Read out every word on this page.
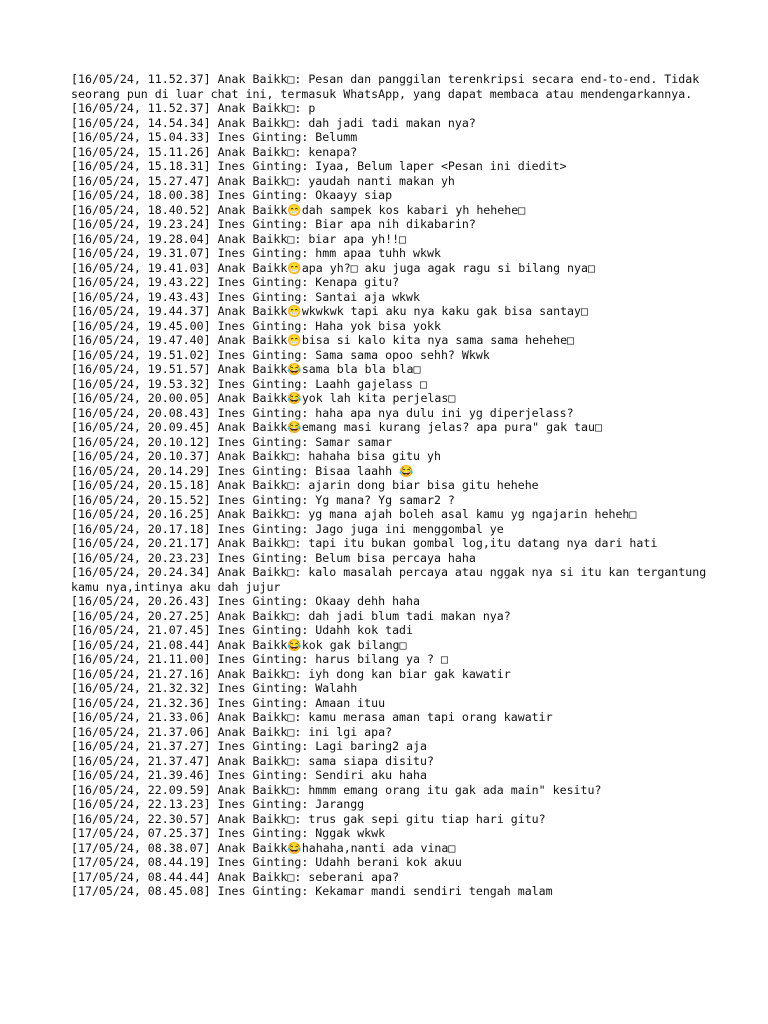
[16/05/24, 11.52.37] Anak Baikk□: Pesan dan panggilan terenkripsi secara end-to-end. Tidak seorang pun di luar chat ini, termasuk WhatsApp, yang dapat membaca atau mendengarkannya.
[16/05/24, 11.52.37] Anak Baikk□: p
[16/05/24, 14.54.34] Anak Baikk□: dah jadi tadi makan nya?
[16/05/24, 15.04.33] Ines Ginting: Belumm
[16/05/24, 15.11.26] Anak Baikk□: kenapa?
[16/05/24, 15.18.31] Ines Ginting: Iyaa, Belum laper <Pesan ini diedit>
[16/05/24, 15.27.47] Anak Baikk□: yaudah nanti makan yh
[16/05/24, 18.00.38] Ines Ginting: Okaayy siap
[16/05/24, 18.40.52] Anak Baikk😁dah sampek kos kabari yh hehehe□
[16/05/24, 19.23.24] Ines Ginting: Biar apa nih dikabarin?
[16/05/24, 19.28.04] Anak Baikk□: biar apa yh!!□
[16/05/24, 19.31.07] Ines Ginting: hmm apaa tuhh wkwk
[16/05/24, 19.41.03] Anak Baikk😁apa yh?□ aku juga agak ragu si bilang nya□
[16/05/24, 19.43.22] Ines Ginting: Kenapa gitu?
[16/05/24, 19.43.43] Ines Ginting: Santai aja wkwk
[16/05/24, 19.44.37] Anak Baikk😁wkwkwk tapi aku nya kaku gak bisa santay□
[16/05/24, 19.45.00] Ines Ginting: Haha yok bisa yokk
[16/05/24, 19.47.40] Anak Baikk😁bisa si kalo kita nya sama sama hehehe□
[16/05/24, 19.51.02] Ines Ginting: Sama sama opoo sehh? Wkwk
[16/05/24, 19.51.57] Anak Baikk😂sama bla bla bla□
[16/05/24, 19.53.32] Ines Ginting: Laahh gajelass □
[16/05/24, 20.00.05] Anak Baikk😂yok lah kita perjelas□
[16/05/24, 20.08.43] Ines Ginting: haha apa nya dulu ini yg diperjelass?
[16/05/24, 20.09.45] Anak Baikk😂emang masi kurang jelas? apa pura" gak tau□
[16/05/24, 20.10.12] Ines Ginting: Samar samar
[16/05/24, 20.10.37] Anak Baikk□: hahaha bisa gitu yh
[16/05/24, 20.14.29] Ines Ginting: Bisaa laahh 😂
[16/05/24, 20.15.18] Anak Baikk□: ajarin dong biar bisa gitu hehehe
[16/05/24, 20.15.52] Ines Ginting: Yg mana? Yg samar2 ?
[16/05/24, 20.16.25] Anak Baikk□: yg mana ajah boleh asal kamu yg ngajarin heheh□
[16/05/24, 20.17.18] Ines Ginting: Jago juga ini menggombal ye
[16/05/24, 20.21.17] Anak Baikk□: tapi itu bukan gombal log,itu datang nya dari hati
[16/05/24, 20.23.23] Ines Ginting: Belum bisa percaya haha
[16/05/24, 20.24.34] Anak Baikk□: kalo masalah percaya atau nggak nya si itu kan tergantung kamu nya,intinya aku dah jujur
[16/05/24, 20.26.43] Ines Ginting: Okaay dehh haha
[16/05/24, 20.27.25] Anak Baikk□: dah jadi blum tadi makan nya?
[16/05/24, 21.07.45] Ines Ginting: Udahh kok tadi
[16/05/24, 21.08.44] Anak Baikk😂kok gak bilang□
[16/05/24, 21.11.00] Ines Ginting: harus bilang ya ? □
[16/05/24, 21.27.16] Anak Baikk□: iyh dong kan biar gak kawatir
[16/05/24, 21.32.32] Ines Ginting: Walahh
[16/05/24, 21.32.36] Ines Ginting: Amaan ituu
[16/05/24, 21.33.06] Anak Baikk□: kamu merasa aman tapi orang kawatir
[16/05/24, 21.37.06] Anak Baikk□: ini lgi apa?
[16/05/24, 21.37.27] Ines Ginting: Lagi baring2 aja
[16/05/24, 21.37.47] Anak Baikk□: sama siapa disitu?
[16/05/24, 21.39.46] Ines Ginting: Sendiri aku haha
[16/05/24, 22.09.59] Anak Baikk□: hmmm emang orang itu gak ada main" kesitu?
[16/05/24, 22.13.23] Ines Ginting: Jarangg
[16/05/24, 22.30.57] Anak Baikk□: trus gak sepi gitu tiap hari gitu?
[17/05/24, 07.25.37] Ines Ginting: Nggak wkwk
[17/05/24, 08.38.07] Anak Baikk😂hahaha,nanti ada vina□
[17/05/24, 08.44.19] Ines Ginting: Udahh berani kok akuu
[17/05/24, 08.44.44] Anak Baikk□: seberani apa?
[17/05/24, 08.45.08] Ines Ginting: Kekamar mandi sendiri tengah malam
